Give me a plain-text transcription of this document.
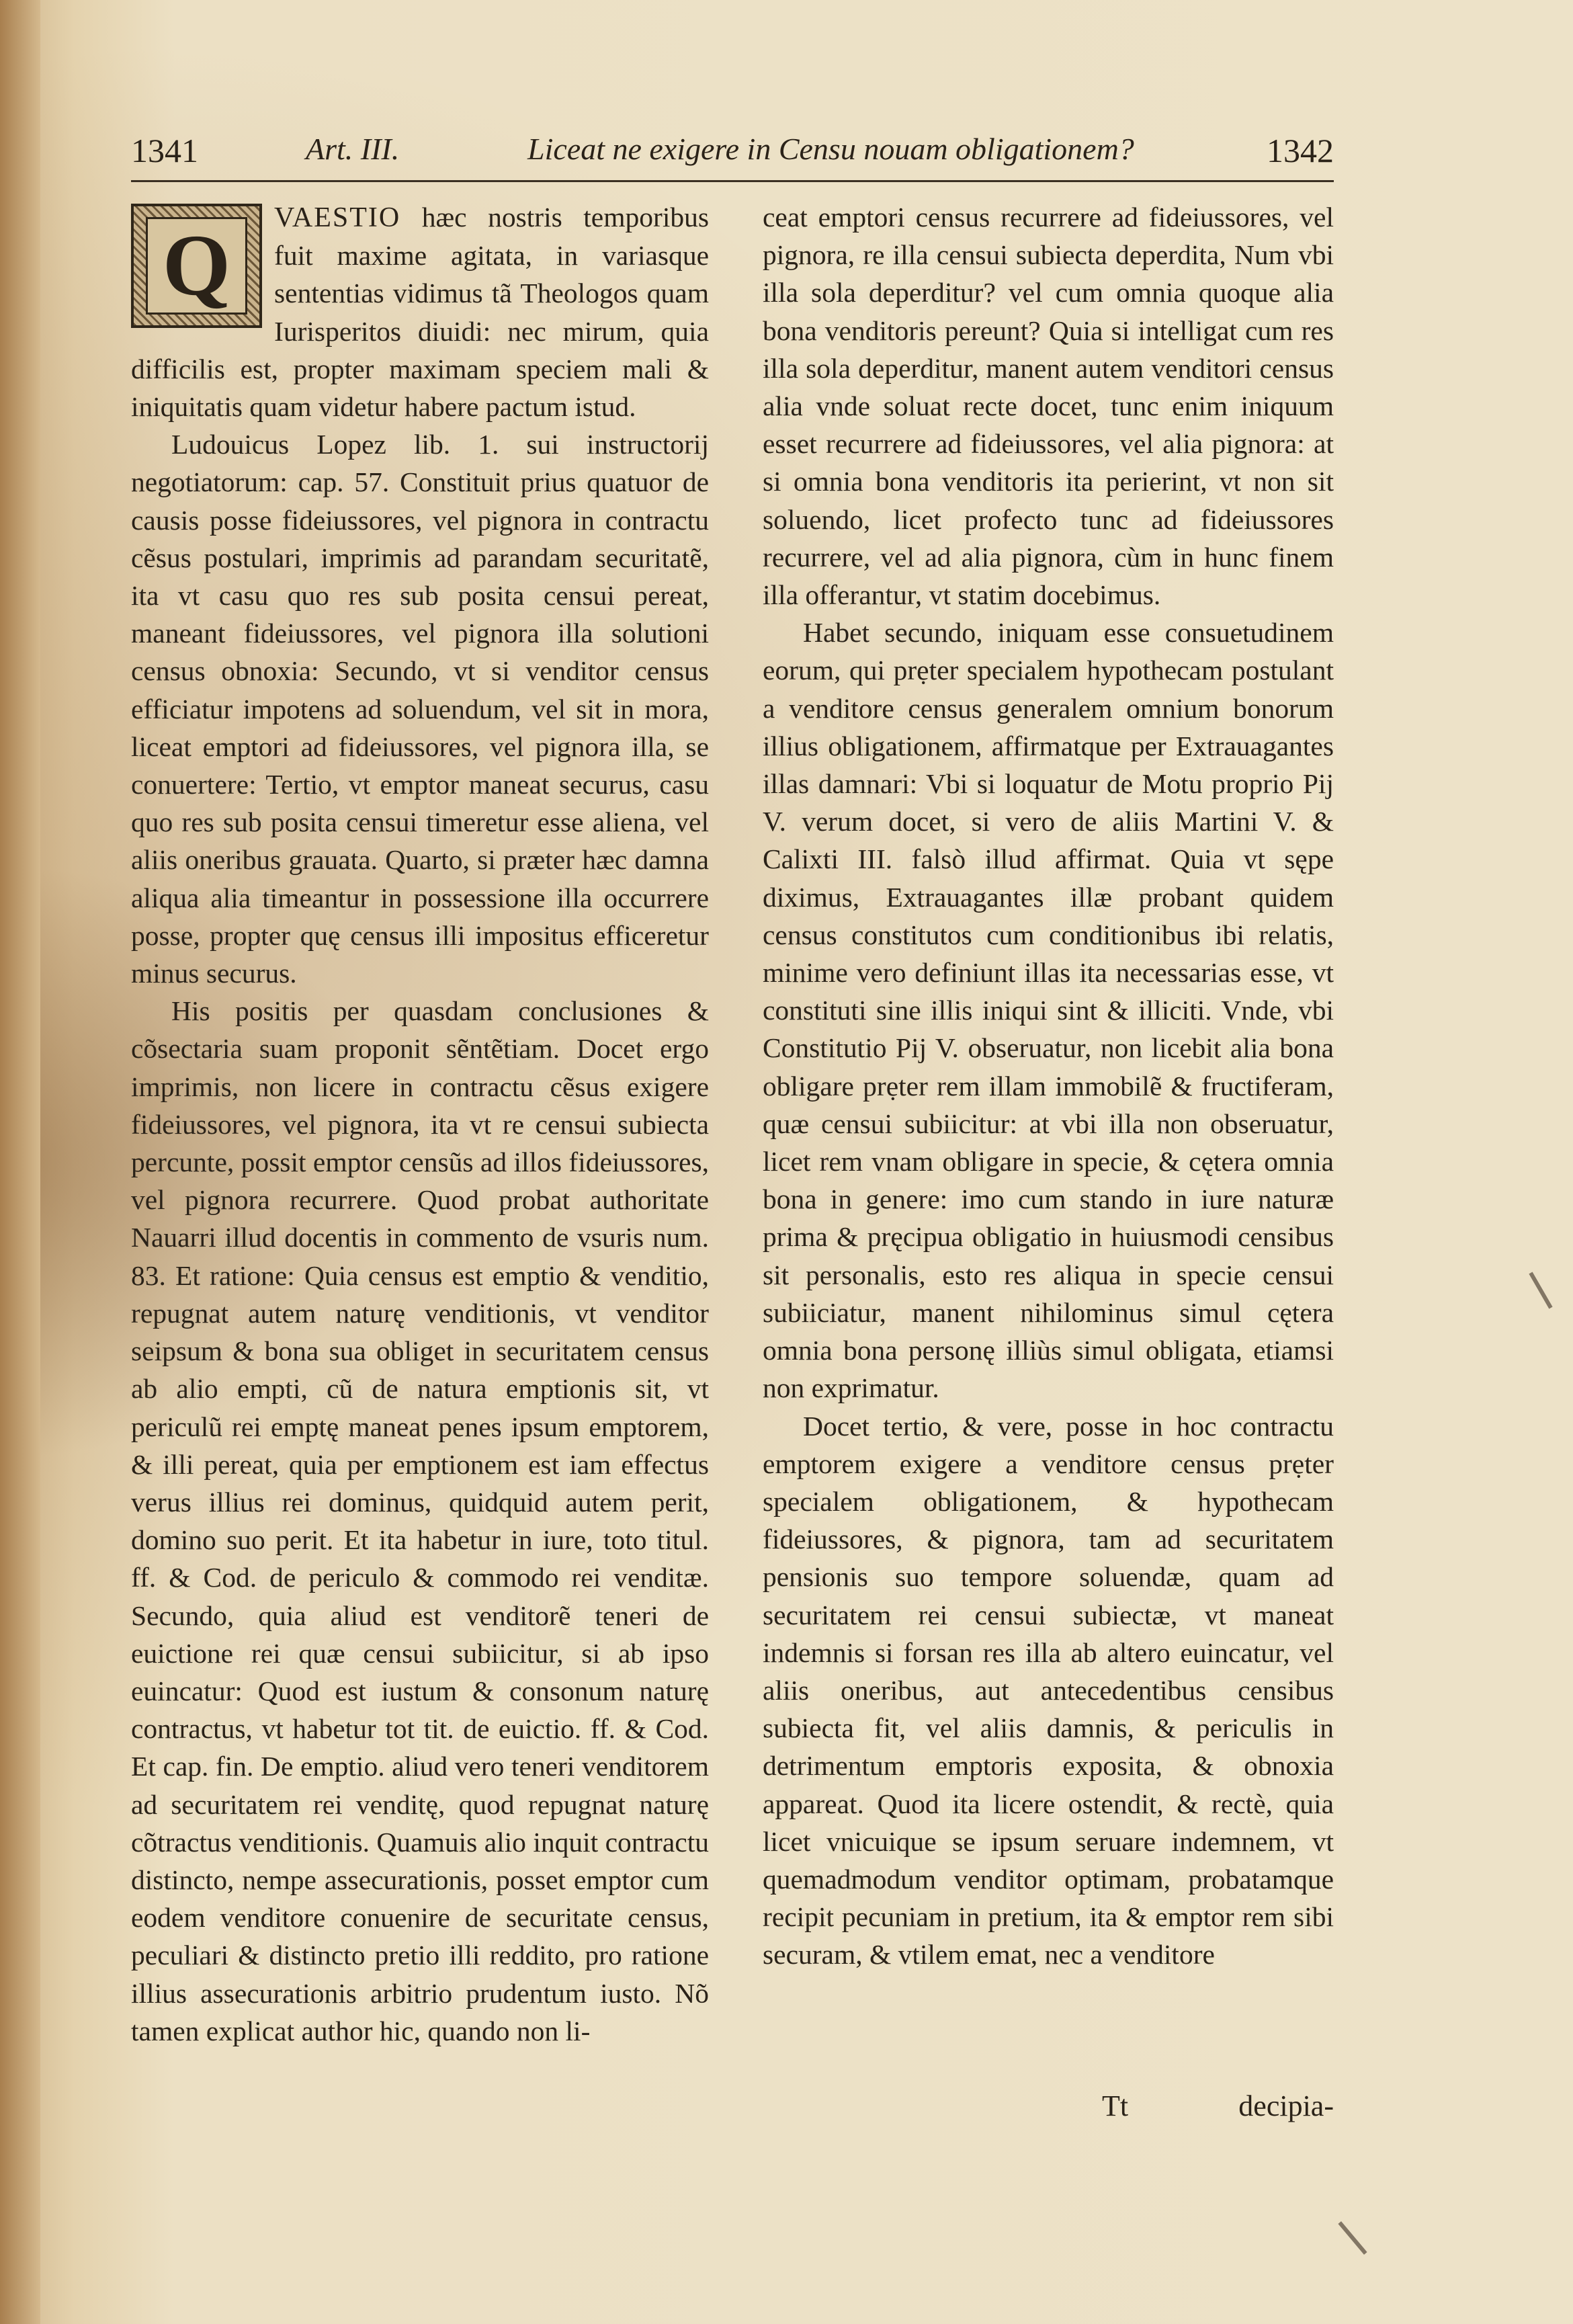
1341	Art. III.	Liceat ne exigere in Censu nouam obligationem?	1342
Q	VAESTIO hæc nostris temporibus fuit maxime agitata, in variasque sententias vidimus tã Theologos quam Iurisperitos diuidi: nec mirum, quia difficilis est, propter maximam speciem mali & iniquitatis quam videtur habere pactum istud.

Ludouicus Lopez lib. 1. sui instructorij negotiatorum: cap. 57. Constituit prius quatuor de causis posse fideiussores, vel pignora in contractu cẽsus postulari, imprimis ad parandam securitatẽ, ita vt casu quo res sub posita censui pereat, maneant fideiussores, vel pignora illa solutioni census obnoxia: Secundo, vt si venditor census efficiatur impotens ad soluendum, vel sit in mora, liceat emptori ad fideiussores, vel pignora illa, se conuertere: Tertio, vt emptor maneat securus, casu quo res sub posita censui timeretur esse aliena, vel aliis oneribus grauata. Quarto, si præter hæc damna aliqua alia timeantur in possessione illa occurrere posse, propter quę census illi impositus efficeretur minus securus.

His positis per quasdam conclusiones & cõsectaria suam proponit sẽntẽtiam. Docet ergo imprimis, non licere in contractu cẽsus exigere fideiussores, vel pignora, ita vt re censui subiecta percunte, possit emptor censũs ad illos fideiussores, vel pignora recurrere. Quod probat authoritate Nauarri illud docentis in commento de vsuris num. 83. Et ratione: Quia census est emptio & venditio, repugnat autem naturę venditionis, vt venditor seipsum & bona sua obliget in securitatem census ab alio empti, cũ de natura emptionis sit, vt periculũ rei emptę maneat penes ipsum emptorem, & illi pereat, quia per emptionem est iam effectus verus illius rei dominus, quidquid autem perit, domino suo perit. Et ita habetur in iure, toto titul. ff. & Cod. de periculo & commodo rei venditæ. Secundo, quia aliud est venditorẽ teneri de euictione rei quæ censui subiicitur, si ab ipso euincatur: Quod est iustum & consonum naturę contractus, vt habetur tot tit. de euictio. ff. & Cod. Et cap. fin. De emptio. aliud vero teneri venditorem ad securitatem rei venditę, quod repugnat naturę cõtractus venditionis. Quamuis alio inquit contractu distincto, nempe assecurationis, posset emptor cum eodem venditore conuenire de securitate census, peculiari & distincto pretio illi reddito, pro ratione illius assecurationis arbitrio prudentum iusto. Nõ tamen explicat author hic, quando non li-

ceat emptori census recurrere ad fideiussores, vel pignora, re illa censui subiecta deperdita, Num vbi illa sola deperditur? vel cum omnia quoque alia bona venditoris pereunt? Quia si intelligat cum res illa sola deperditur, manent autem venditori census alia vnde soluat recte docet, tunc enim iniquum esset recurrere ad fideiussores, vel alia pignora: at si omnia bona venditoris ita perierint, vt non sit soluendo, licet profecto tunc ad fideiussores recurrere, vel ad alia pignora, cùm in hunc finem illa offerantur, vt statim docebimus.

Habet secundo, iniquam esse consuetudinem eorum, qui prẹter specialem hypothecam postulant a venditore census generalem omnium bonorum illius obligationem, affirmatque per Extrauagantes illas damnari: Vbi si loquatur de Motu proprio Pij V. verum docet, si vero de aliis Martini V. & Calixti III. falsò illud affirmat. Quia vt sępe diximus, Extrauagantes illæ probant quidem census constitutos cum conditionibus ibi relatis, minime vero definiunt illas ita necessarias esse, vt constituti sine illis iniqui sint & illiciti. Vnde, vbi Constitutio Pij V. obseruatur, non licebit alia bona obligare prẹter rem illam immobilẽ & fructiferam, quæ censui subiicitur: at vbi illa non obseruatur, licet rem vnam obligare in specie, & cętera omnia bona in genere: imo cum stando in iure naturæ prima & pręcipua obligatio in huiusmodi censibus sit personalis, esto res aliqua in specie censui subiiciatur, manent nihilominus simul cętera omnia bona personę illiùs simul obligata, etiamsi non exprimatur.

Docet tertio, & vere, posse in hoc contractu emptorem exigere a venditore census prẹter specialem obligationem, & hypothecam fideiussores, & pignora, tam ad securitatem pensionis suo tempore soluendæ, quam ad securitatem rei censui subiectæ, vt maneat indemnis si forsan res illa ab altero euincatur, vel aliis oneribus, aut antecedentibus censibus subiecta fit, vel aliis damnis, & periculis in detrimentum emptoris exposita, & obnoxia appareat. Quod ita licere ostendit, & rectè, quia licet vnicuique se ipsum seruare indemnem, vt quemadmodum venditor optimam, probatamque recipit pecuniam in pretium, ita & emptor rem sibi securam, & vtilem emat, nec a venditore

Tt	decipia-
